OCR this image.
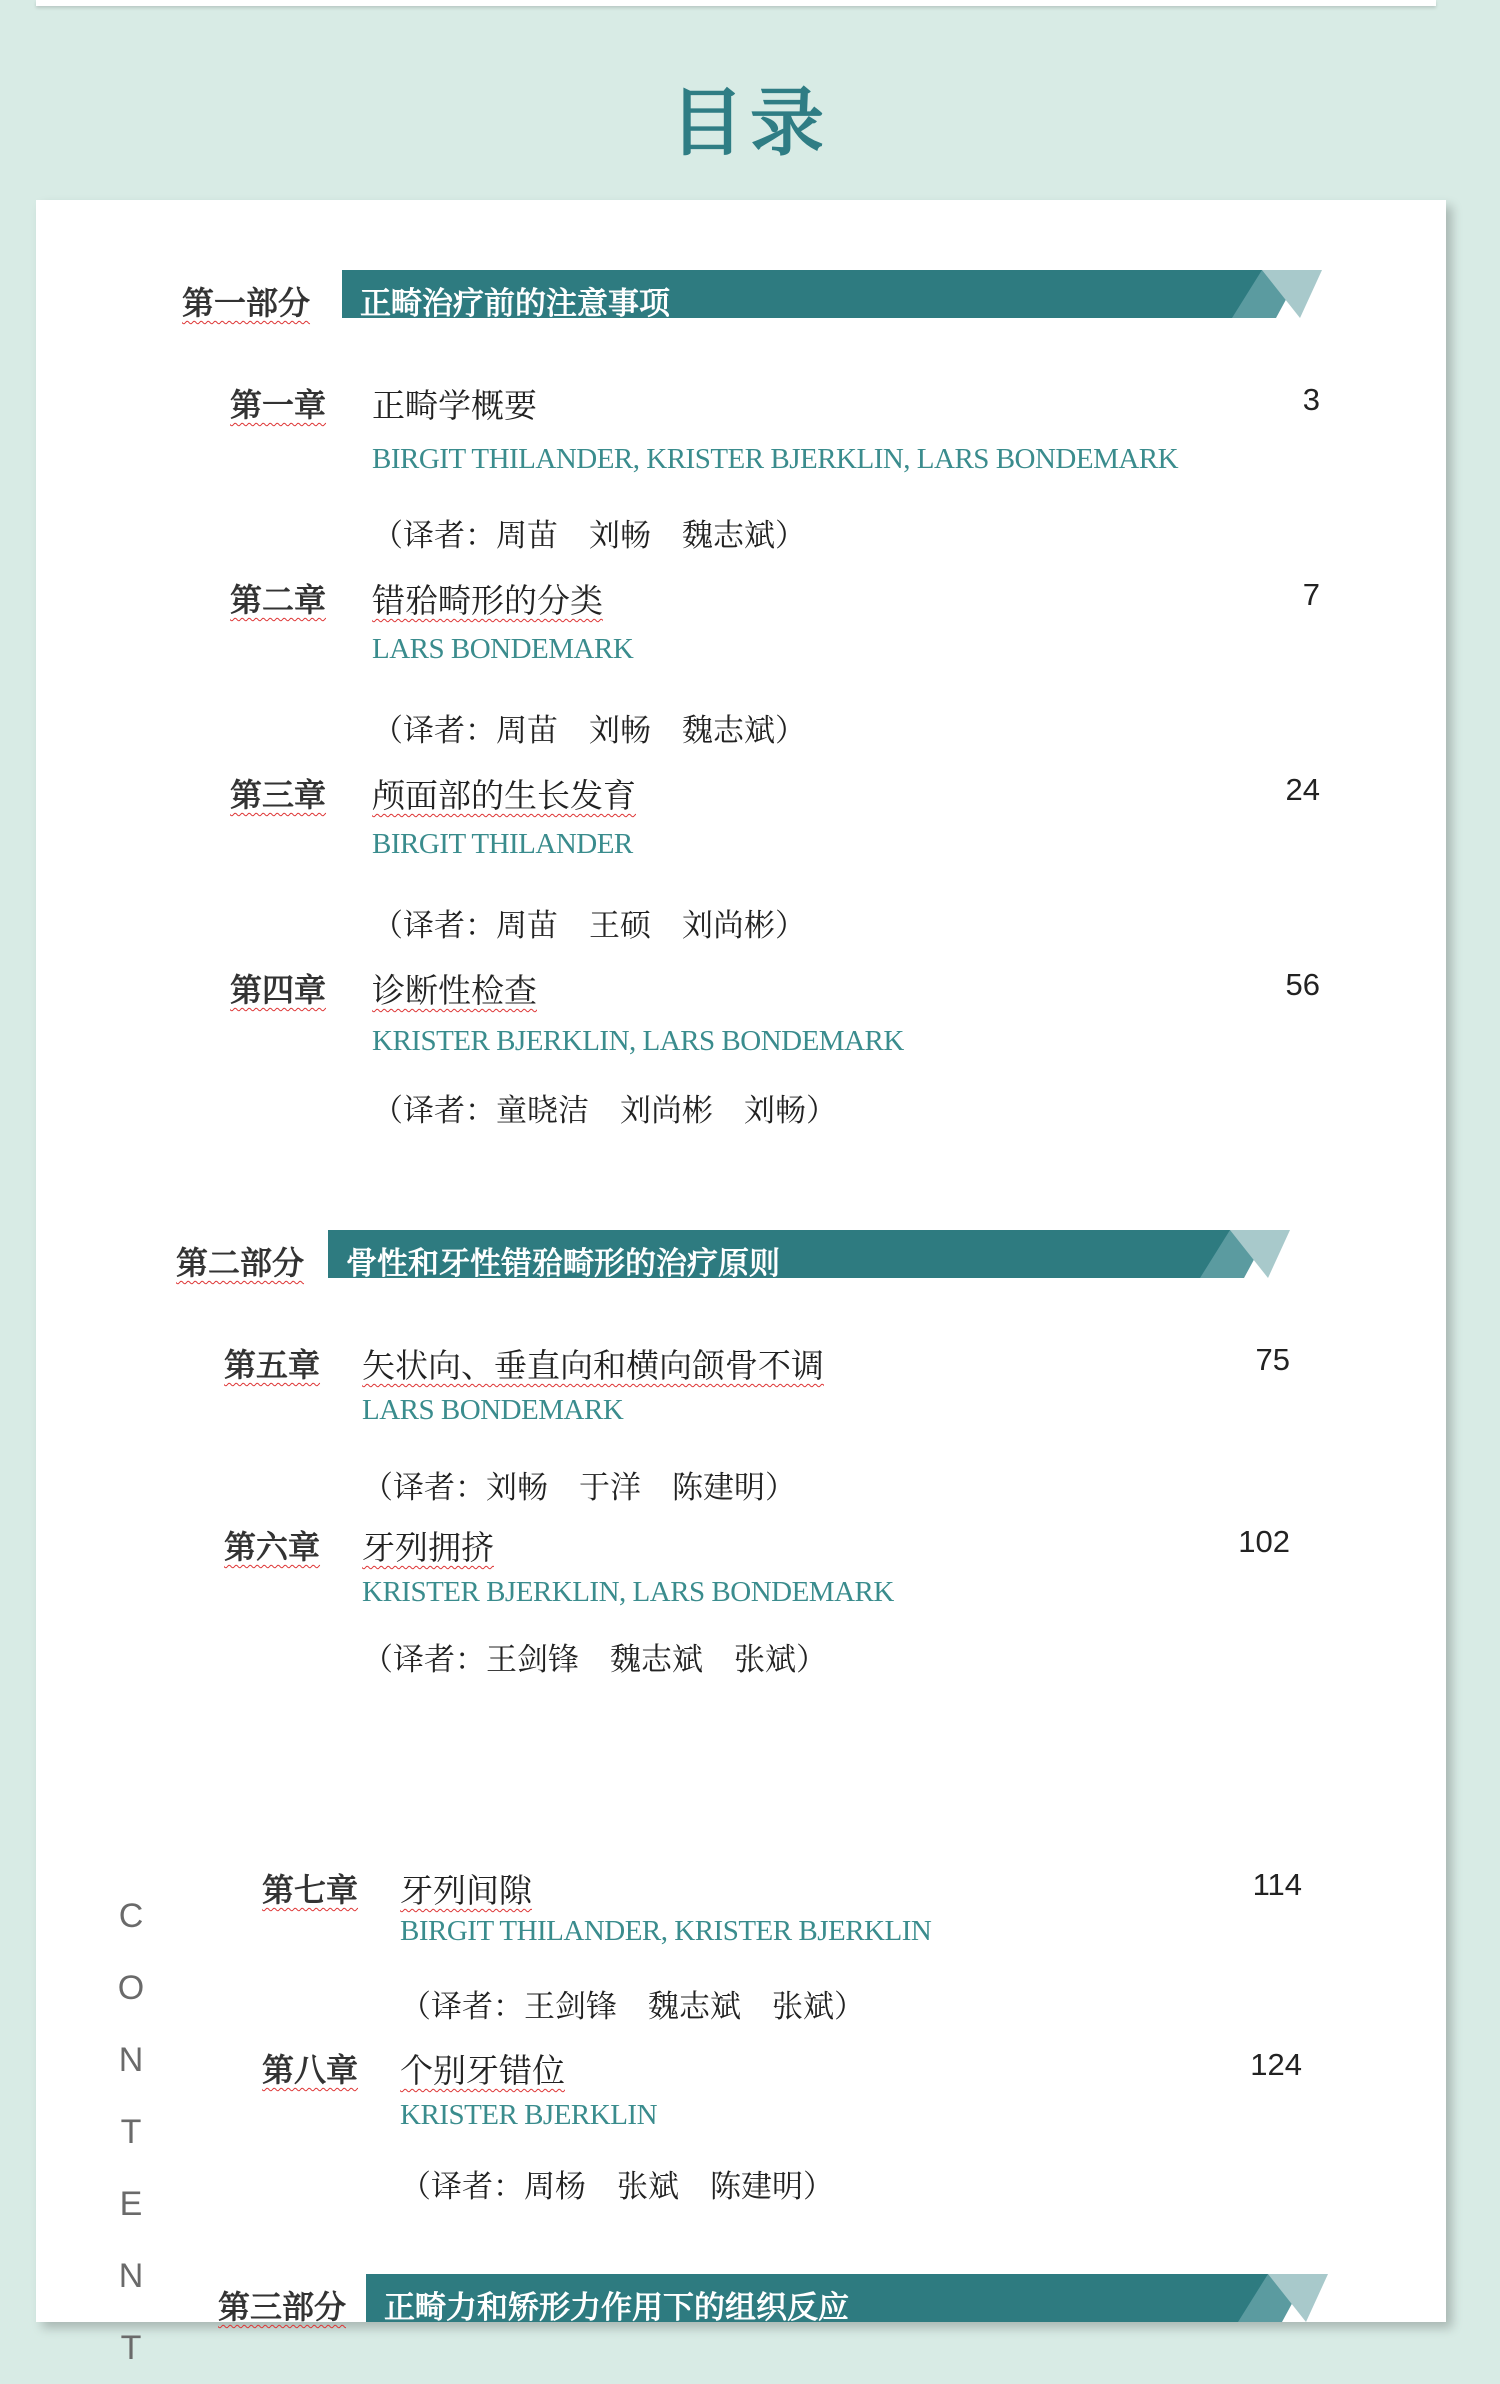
目录
第一部分 正畸治疗前的注意事项
第一章 正畸学概要	3
BIRGIT THILANDER, KRISTER BJERKLIN, LARS BONDEMARK
（译者：周苗　刘畅　魏志斌）
第二章 错𬌗畸形的分类	7
LARS BONDEMARK
（译者：周苗　刘畅　魏志斌）
第三章 颅面部的生长发育	24
BIRGIT THILANDER
（译者：周苗　王硕　刘尚彬）
第四章 诊断性检查	56
KRISTER BJERKLIN, LARS BONDEMARK
（译者：童晓洁　刘尚彬　刘畅）
第二部分 骨性和牙性错𬌗畸形的治疗原则
第五章 矢状向、垂直向和横向颌骨不调	75
LARS BONDEMARK
（译者：刘畅　于洋　陈建明）
第六章 牙列拥挤	102
KRISTER BJERKLIN, LARS BONDEMARK
（译者：王剑锋　魏志斌　张斌）
第七章 牙列间隙	114
BIRGIT THILANDER, KRISTER BJERKLIN
（译者：王剑锋　魏志斌　张斌）
第八章 个别牙错位	124
KRISTER BJERKLIN
（译者：周杨　张斌　陈建明）
第三部分 正畸力和矫形力作用下的组织反应
C
O
N
T
E
N
T
